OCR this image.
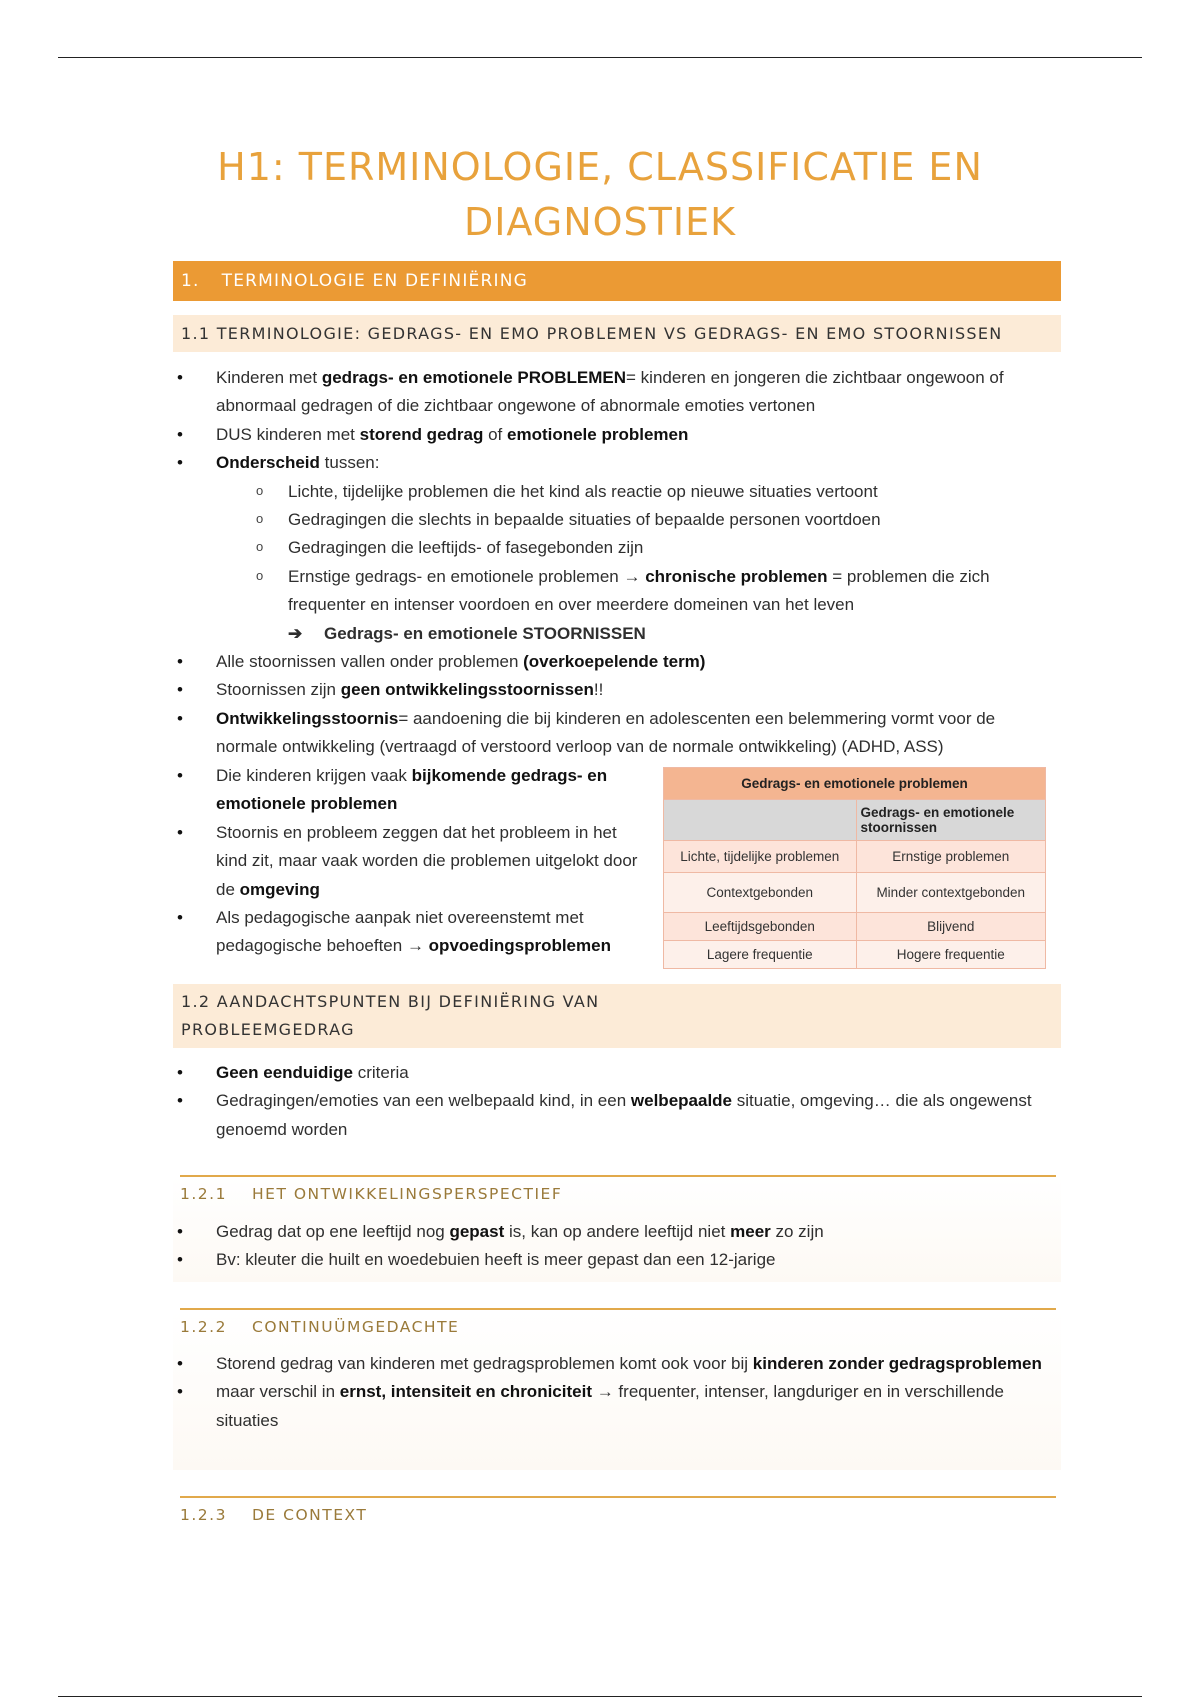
H1: TERMINOLOGIE, CLASSIFICATIE EN DIAGNOSTIEK
1. TERMINOLOGIE EN DEFINIËRING
1.1 TERMINOLOGIE: GEDRAGS- EN EMO PROBLEMEN VS GEDRAGS- EN EMO STOORNISSEN
• Kinderen met gedrags- en emotionele PROBLEMEN= kinderen en jongeren die zichtbaar ongewoon of abnormaal gedragen of die zichtbaar ongewone of abnormale emoties vertonen
• DUS kinderen met storend gedrag of emotionele problemen
• Onderscheid tussen:
o Lichte, tijdelijke problemen die het kind als reactie op nieuwe situaties vertoont
o Gedragingen die slechts in bepaalde situaties of bepaalde personen voortdoen
o Gedragingen die leeftijds- of fasegebonden zijn
o Ernstige gedrags- en emotionele problemen → chronische problemen = problemen die zich frequenter en intenser voordoen en over meerdere domeinen van het leven
➔ Gedrags- en emotionele STOORNISSEN
• Alle stoornissen vallen onder problemen (overkoepelende term)
• Stoornissen zijn geen ontwikkelingsstoornissen!!
• Ontwikkelingsstoornis= aandoening die bij kinderen en adolescenten een belemmering vormt voor de normale ontwikkeling (vertraagd of verstoord verloop van de normale ontwikkeling) (ADHD, ASS)
• Die kinderen krijgen vaak bijkomende gedrags- en emotionele problemen
• Stoornis en probleem zeggen dat het probleem in het kind zit, maar vaak worden die problemen uitgelokt door de omgeving
• Als pedagogische aanpak niet overeenstemt met pedagogische behoeften → opvoedingsproblemen
Gedrags- en emotionele problemen	
	Gedrags- en emotionele stoornissen
Lichte, tijdelijke problemen	Ernstige problemen
Contextgebonden	Minder contextgebonden
Leeftijdsgebonden	Blijvend
Lagere frequentie	Hogere frequentie
1.2 AANDACHTSPUNTEN BIJ DEFINIËRING VAN
PROBLEEMGEDRAG
• Geen eenduidige criteria
• Gedragingen/emoties van een welbepaald kind, in een welbepaalde situatie, omgeving… die als ongewenst genoemd worden
1.2.1 HET ONTWIKKELINGSPERSPECTIEF
• Gedrag dat op ene leeftijd nog gepast is, kan op andere leeftijd niet meer zo zijn
• Bv: kleuter die huilt en woedebuien heeft is meer gepast dan een 12-jarige
1.2.2 CONTINUÜMGEDACHTE
• Storend gedrag van kinderen met gedragsproblemen komt ook voor bij kinderen zonder gedragsproblemen
• maar verschil in ernst, intensiteit en chroniciteit → frequenter, intenser, langduriger en in verschillende situaties
1.2.3 DE CONTEXT
